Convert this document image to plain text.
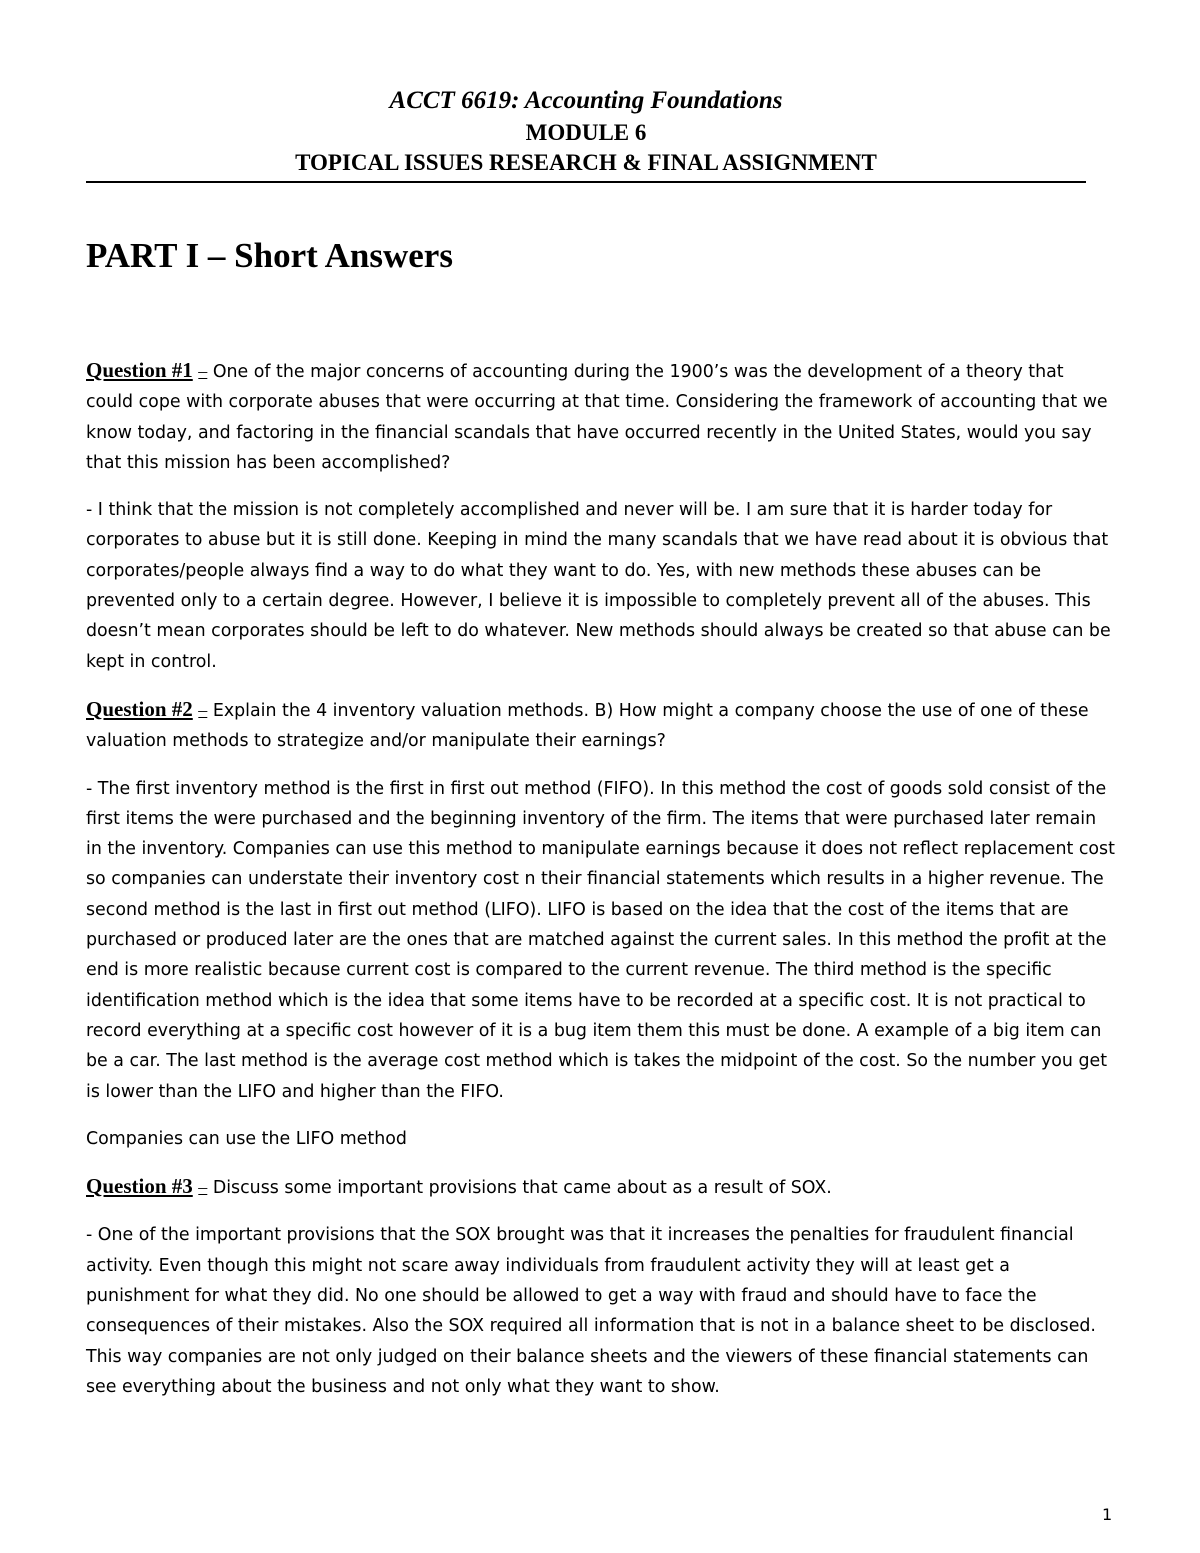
ACCT 6619: Accounting Foundations
MODULE 6
TOPICAL ISSUES RESEARCH & FINAL ASSIGNMENT
PART I – Short Answers

Question #1 – One of the major concerns of accounting during the 1900’s was the development of a theory that could cope with corporate abuses that were occurring at that time. Considering the framework of accounting that we know today, and factoring in the financial scandals that have occurred recently in the United States, would you say that this mission has been accomplished?

- I think that the mission is not completely accomplished and never will be. I am sure that it is harder today for corporates to abuse but it is still done. Keeping in mind the many scandals that we have read about it is obvious that corporates/people always find a way to do what they want to do. Yes, with new methods these abuses can be prevented only to a certain degree. However, I believe it is impossible to completely prevent all of the abuses. This doesn’t mean corporates should be left to do whatever. New methods should always be created so that abuse can be kept in control.

Question #2 – Explain the 4 inventory valuation methods. B) How might a company choose the use of one of these valuation methods to strategize and/or manipulate their earnings?

- The first inventory method is the first in first out method (FIFO). In this method the cost of goods sold consist of the first items the were purchased and the beginning inventory of the firm. The items that were purchased later remain in the inventory. Companies can use this method to manipulate earnings because it does not reflect replacement cost so companies can understate their inventory cost n their financial statements which results in a higher revenue. The second method is the last in first out method (LIFO). LIFO is based on the idea that the cost of the items that are purchased or produced later are the ones that are matched against the current sales. In this method the profit at the end is more realistic because current cost is compared to the current revenue. The third method is the specific identification method which is the idea that some items have to be recorded at a specific cost. It is not practical to record everything at a specific cost however of it is a bug item them this must be done. A example of a big item can be a car. The last method is the average cost method which is takes the midpoint of the cost. So the number you get is lower than the LIFO and higher than the FIFO.

Companies can use the LIFO method

Question #3 – Discuss some important provisions that came about as a result of SOX.

- One of the important provisions that the SOX brought was that it increases the penalties for fraudulent financial activity. Even though this might not scare away individuals from fraudulent activity they will at least get a punishment for what they did. No one should be allowed to get a way with fraud and should have to face the consequences of their mistakes. Also the SOX required all information that is not in a balance sheet to be disclosed. This way companies are not only judged on their balance sheets and the viewers of these financial statements can see everything about the business and not only what they want to show.

1
